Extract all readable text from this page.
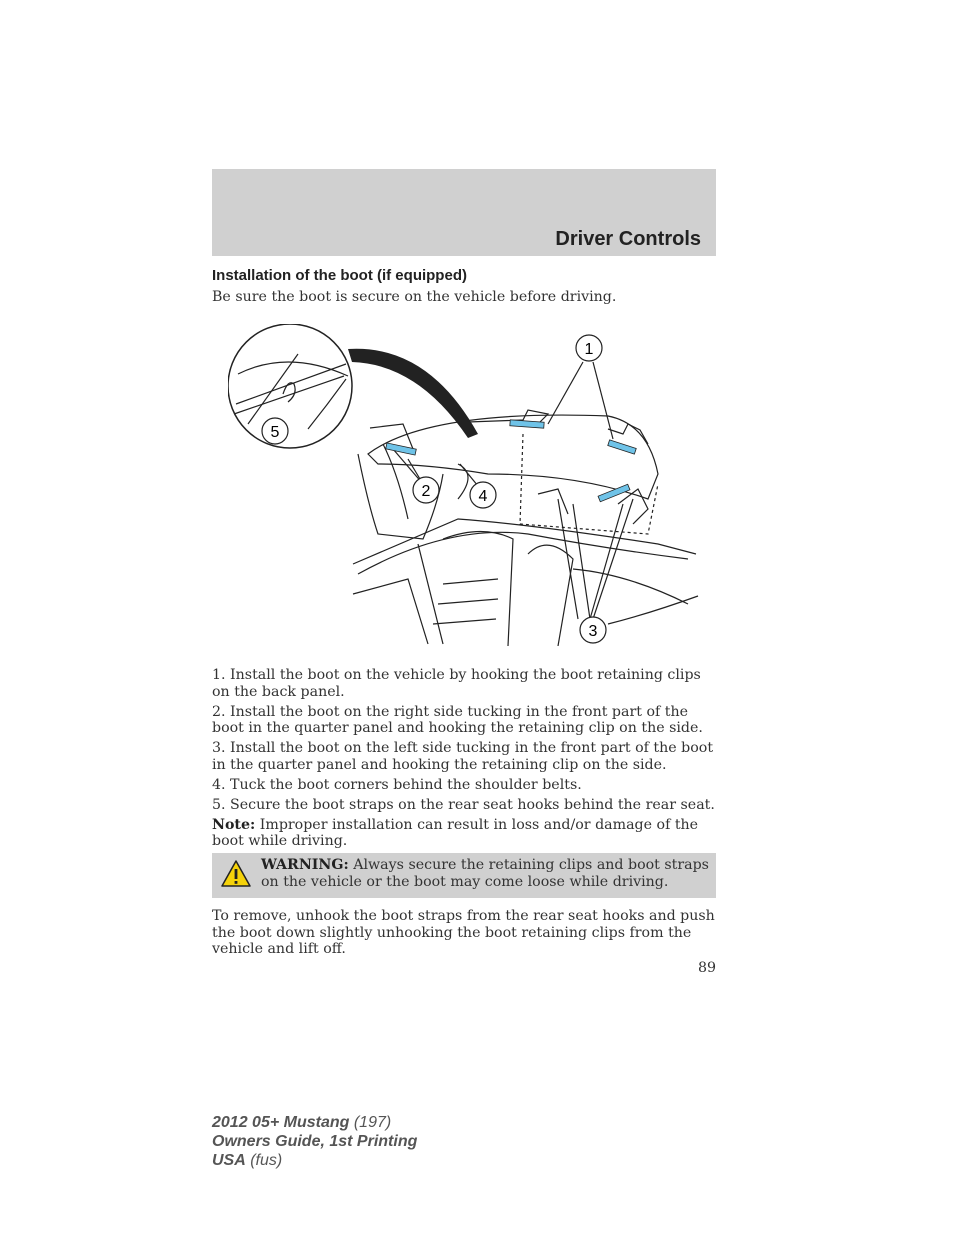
Driver Controls
Installation of the boot (if equipped)
Be sure the boot is secure on the vehicle before driving.
1
2
3
4
5

1. Install the boot on the vehicle by hooking the boot retaining clips on the back panel.

2. Install the boot on the right side tucking in the front part of the boot in the quarter panel and hooking the retaining clip on the side.

3. Install the boot on the left side tucking in the front part of the boot in the quarter panel and hooking the retaining clip on the side.

4. Tuck the boot corners behind the shoulder belts.

5. Secure the boot straps on the rear seat hooks behind the rear seat.

Note: Improper installation can result in loss and/or damage of the boot while driving.

WARNING: Always secure the retaining clips and boot straps on the vehicle or the boot may come loose while driving.
To remove, unhook the boot straps from the rear seat hooks and push the boot down slightly unhooking the boot retaining clips from the vehicle and lift off.
89
2012 05+ Mustang (197)
Owners Guide, 1st Printing
USA (fus)
